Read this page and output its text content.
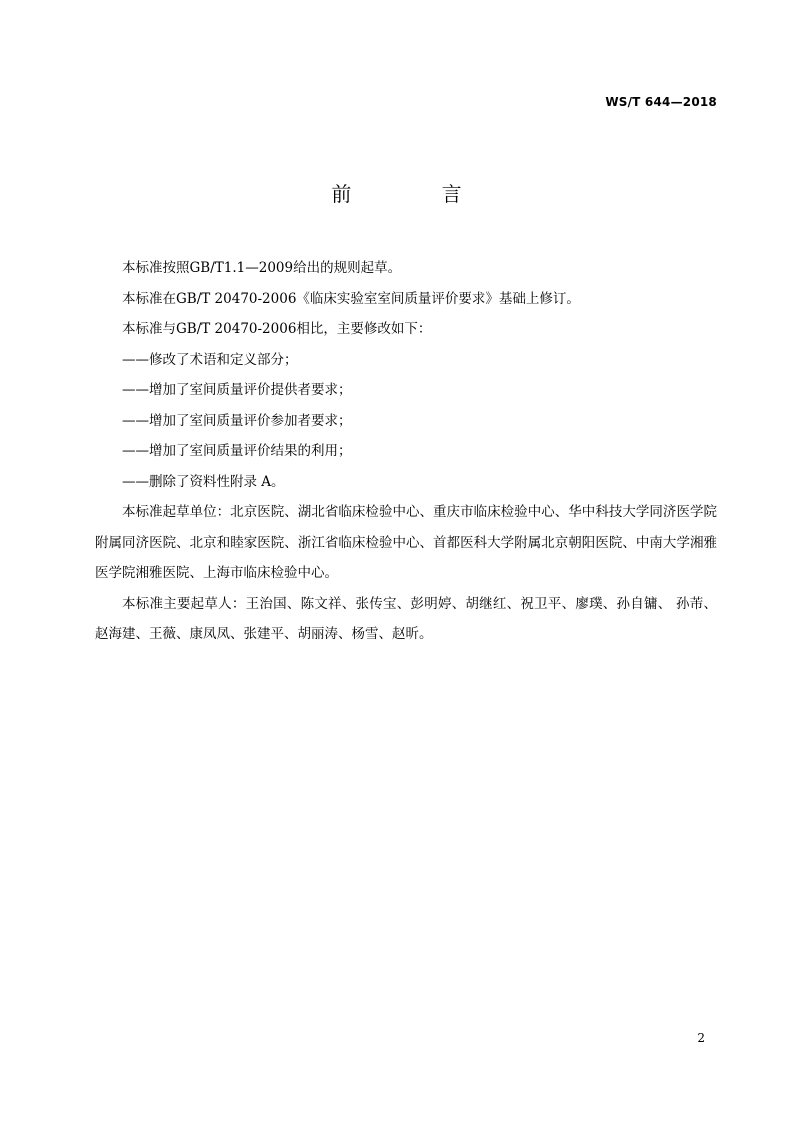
WS/T 644—2018
前 言

本标准按照GB/T1.1—2009给出的规则起草。

本标准在GB/T 20470-2006《临床实验室室间质量评价要求》基础上修订。

本标准与GB/T 20470-2006相比，主要修改如下：

——修改了术语和定义部分；

——增加了室间质量评价提供者要求；

——增加了室间质量评价参加者要求；

——增加了室间质量评价结果的利用；

——删除了资料性附录 A。

本标准起草单位：北京医院、湖北省临床检验中心、重庆市临床检验中心、华中科技大学同济医学院附属同济医院、北京和睦家医院、浙江省临床检验中心、首都医科大学附属北京朝阳医院、中南大学湘雅医学院湘雅医院、上海市临床检验中心。

本标准主要起草人：王治国、陈文祥、张传宝、彭明婷、胡继红、祝卫平、廖璞、孙自镛、 孙芾、赵海建、王薇、康凤凤、张建平、胡丽涛、杨雪、赵昕。

2
